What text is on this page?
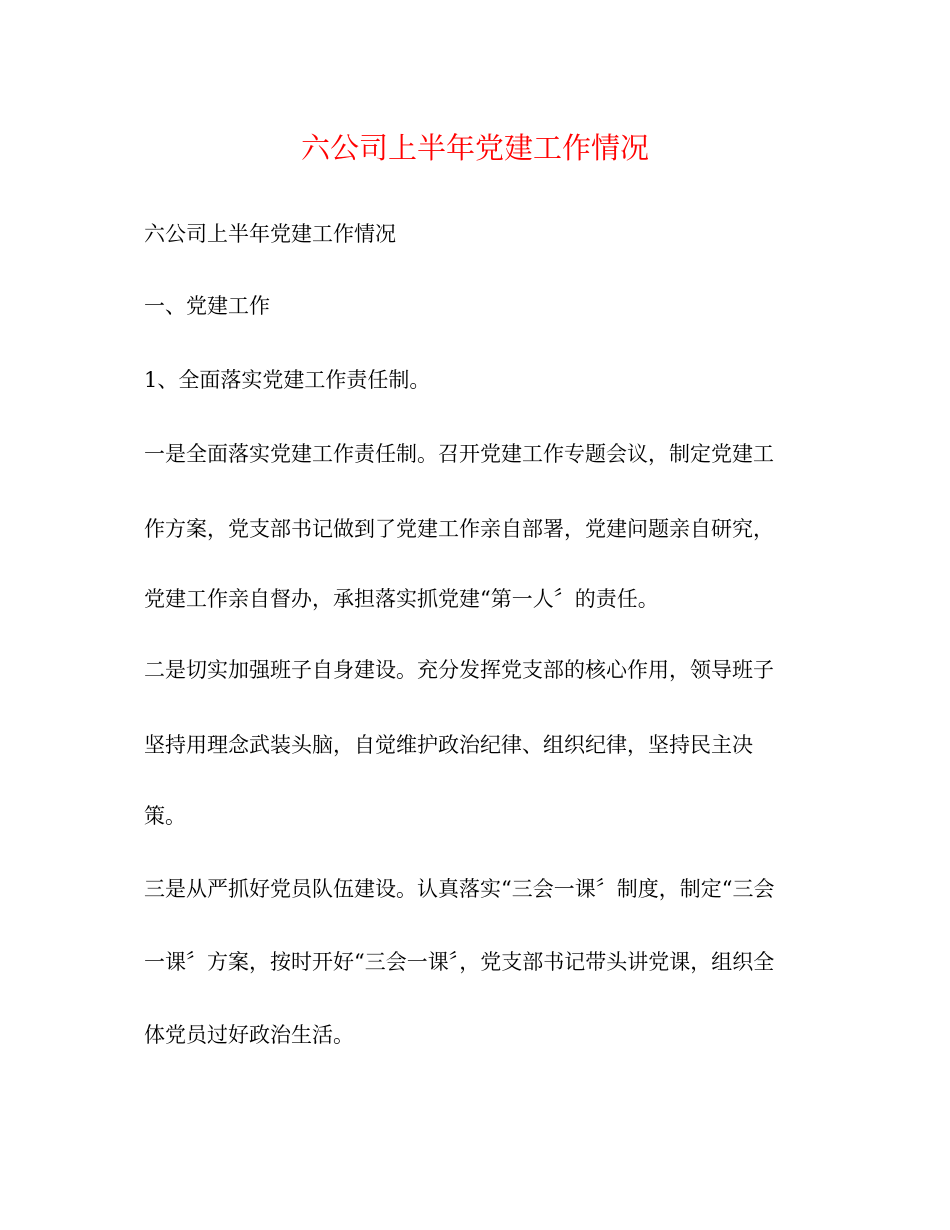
六公司上半年党建工作情况
六公司上半年党建工作情况
一、党建工作
1、全面落实党建工作责任制。
一是全面落实党建工作责任制。召开党建工作专题会议，制定党建工
作方案，党支部书记做到了党建工作亲自部署，党建问题亲自研究，
党建工作亲自督办，承担落实抓党建“第一人〞的责任。
二是切实加强班子自身建设。充分发挥党支部的核心作用，领导班子
坚持用理念武装头脑，自觉维护政治纪律、组织纪律，坚持民主决
策。
三是从严抓好党员队伍建设。认真落实“三会一课〞制度，制定“三会
一课〞方案，按时开好“三会一课〞，党支部书记带头讲党课，组织全
体党员过好政治生活。
